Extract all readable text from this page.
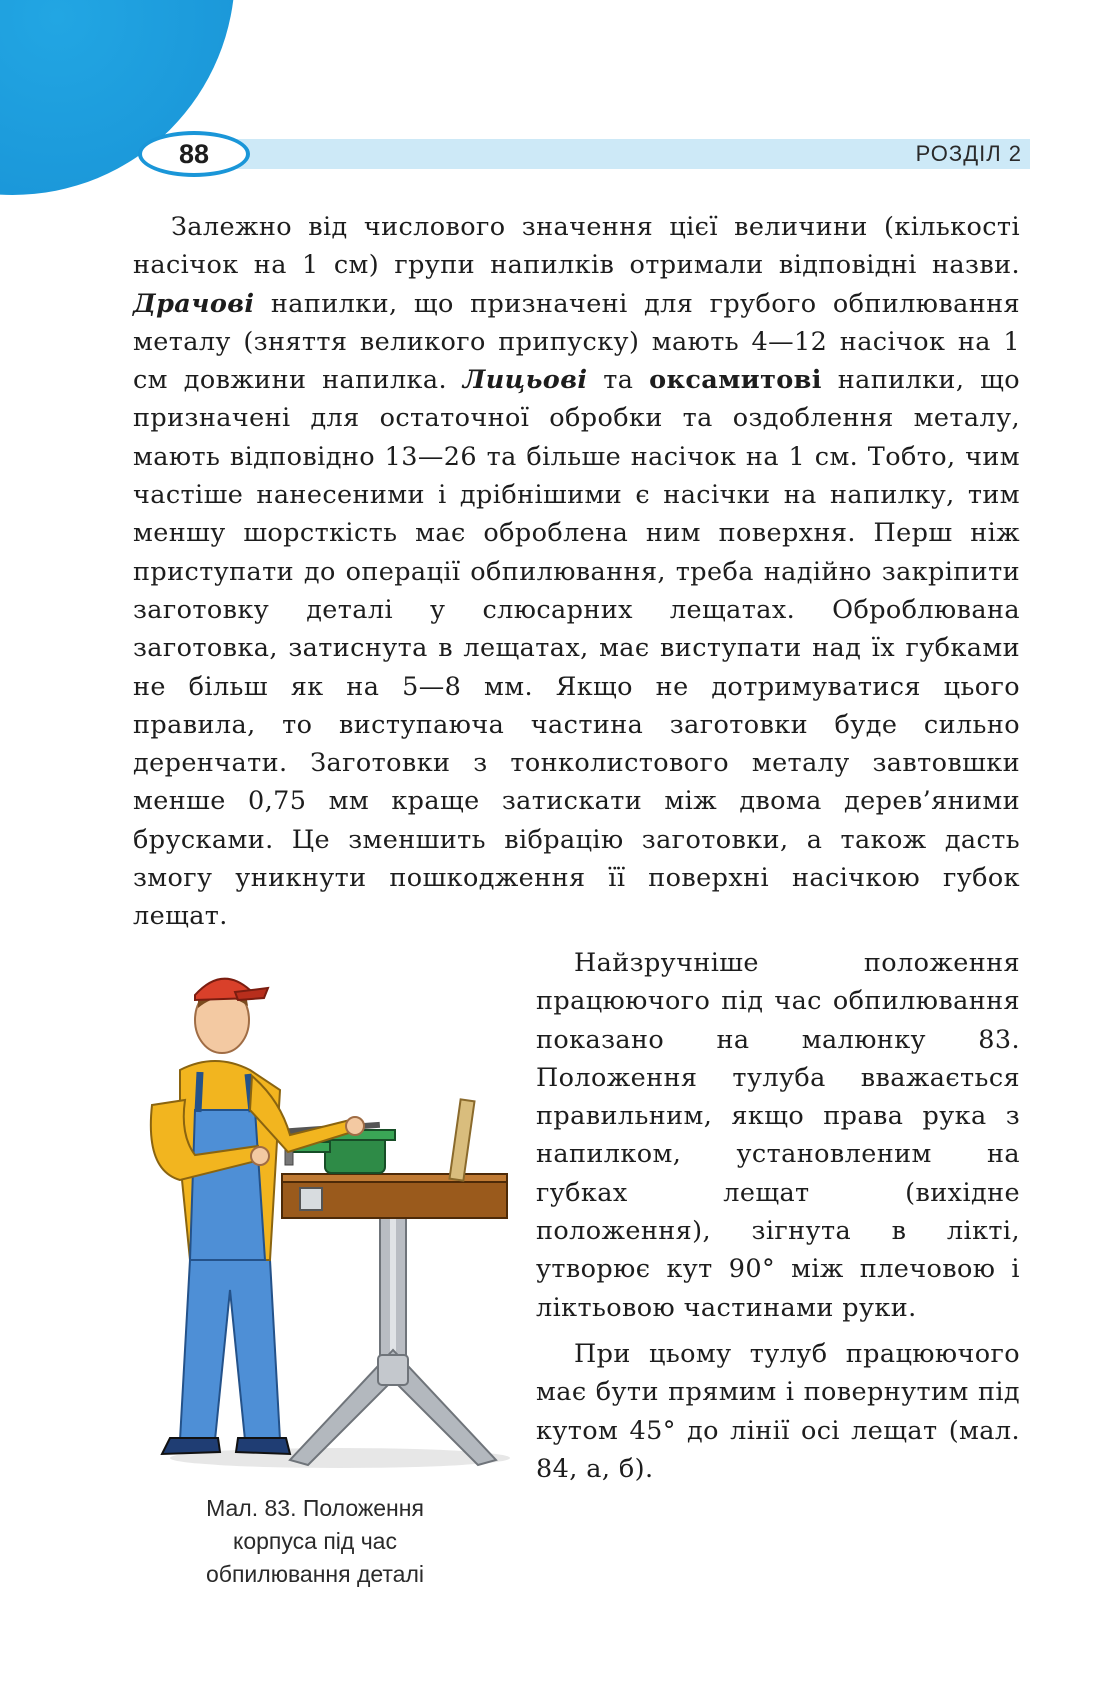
88	РОЗДІЛ 2

Залежно від числового значення цієї величини (кількості насічок на 1 см) групи напилків отримали відповідні назви. Драчові напилки, що призначені для грубого обпилювання металу (зняття великого припуску) мають 4—12 насічок на 1 см довжини напилка. Лицьові та оксамитові напилки, що призначені для остаточної обробки та оздоблення металу, мають відповідно 13—26 та більше насічок на 1 см. Тобто, чим частіше нанесеними і дрібнішими є насічки на напилку, тим меншу шорсткість має оброблена ним поверхня. Перш ніж приступати до операції обпилювання, треба надійно закріпити заготовку деталі у слюсарних лещатах. Оброблювана заготовка, затиснута в лещатах, має виступати над їх губками не більш як на 5—8 мм. Якщо не дотримуватися цього правила, то виступаюча частина заготовки буде сильно деренчати. Заготовки з тонколистового металу завтовшки менше 0,75 мм краще затискати між двома дерев’яними брусками. Це зменшить вібрацію заготовки, а також дасть змогу уникнути пошкодження її поверхні насічкою губок лещат.

Найзручніше положення працюючого під час обпилювання показано на малюнку 83. Положення тулуба вважається правильним, якщо права рука з напилком, установленим на губках лещат (вихідне положення), зігнута в лікті, утворює кут 90° між плечовою і ліктьовою частинами руки.

При цьому тулуб працюючого має бути прямим і повернутим під кутом 45° до лінії осі лещат (мал. 84, а, б).

Мал. 83. Положення
корпуса під час
обпилювання деталі
